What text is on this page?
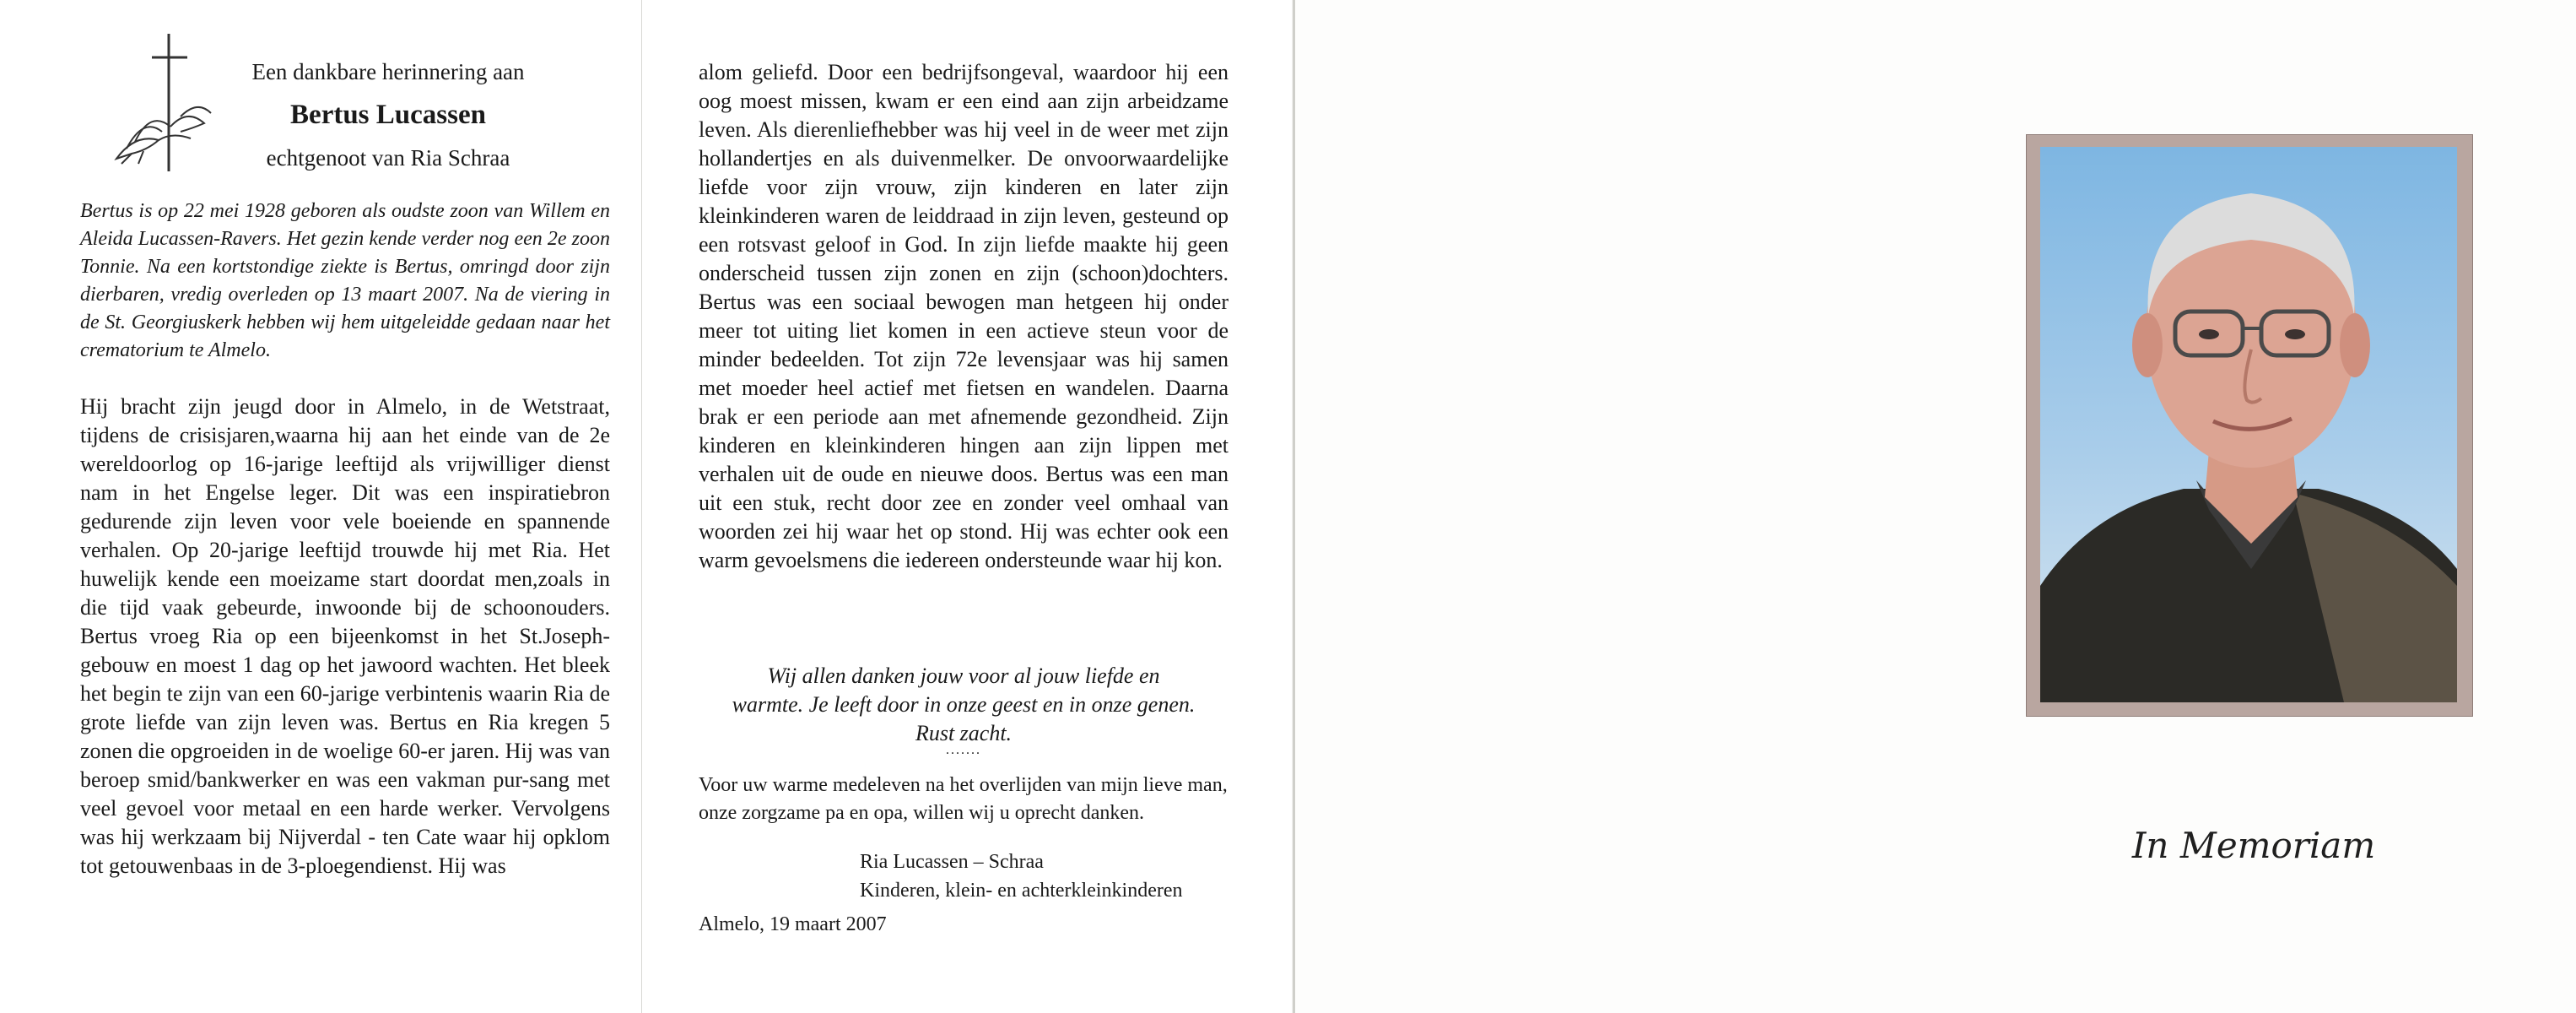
Een dankbare herinnering aan
Bertus Lucassen
echtgenoot van Ria Schraa
Bertus is op 22 mei 1928 geboren als oudste zoon van Willem en Aleida Lucassen-Ravers. Het gezin kende verder nog een 2e zoon Tonnie. Na een kortstondige ziekte is Bertus, omringd door zijn dierbaren, vredig overleden op 13 maart 2007. Na de viering in de St. Georgiuskerk hebben wij hem uitgeleidde gedaan naar het crematorium te Almelo.
Hij bracht zijn jeugd door in Almelo, in de Wetstraat, tijdens de crisisjaren,waarna hij aan het einde van de 2e wereldoorlog op 16-jarige leeftijd als vrijwilliger dienst nam in het Engelse leger. Dit was een inspiratiebron gedurende zijn leven voor vele boeiende en spannende verhalen. Op 20-jarige leeftijd trouwde hij met Ria. Het huwelijk kende een moeizame start doordat men,zoals in die tijd vaak gebeurde, inwoonde bij de schoonouders. Bertus vroeg Ria op een bijeenkomst in het St.Joseph-gebouw en moest 1 dag op het jawoord wachten. Het bleek het begin te zijn van een 60-jarige verbintenis waarin Ria de grote liefde van zijn leven was. Bertus en Ria kregen 5 zonen die opgroeiden in de woelige 60-er jaren. Hij was van beroep smid/bankwerker en was een vakman pur-sang met veel gevoel voor metaal en een harde werker. Vervolgens was hij werkzaam bij Nijverdal - ten Cate waar hij opklom tot getouwenbaas in de 3-ploegendienst. Hij was
alom geliefd. Door een bedrijfsongeval, waardoor hij een oog moest missen, kwam er een eind aan zijn arbeidzame leven. Als dierenliefhebber was hij veel in de weer met zijn hollandertjes en als duivenmelker. De onvoorwaardelijke liefde voor zijn vrouw, zijn kinderen en later zijn kleinkinderen waren de leiddraad in zijn leven, gesteund op een rotsvast geloof in God. In zijn liefde maakte hij geen onderscheid tussen zijn zonen en zijn (schoon)dochters. Bertus was een sociaal bewogen man hetgeen hij onder meer tot uiting liet komen in een actieve steun voor de minder bedeelden. Tot zijn 72e levensjaar was hij samen met moeder heel actief met fietsen en wandelen. Daarna brak er een periode aan met afnemende gezondheid. Zijn kinderen en kleinkinderen hingen aan zijn lippen met verhalen uit de oude en nieuwe doos. Bertus was een man uit een stuk, recht door zee en zonder veel omhaal van woorden zei hij waar het op stond. Hij was echter ook een warm gevoelsmens die iedereen ondersteunde waar hij kon.
Wij allen danken jouw voor al jouw liefde en
warmte. Je leeft door in onze geest en in onze genen.
Rust zacht.
.......
Voor uw warme medeleven na het overlijden van mijn lieve man, onze zorgzame pa en opa, willen wij u oprecht danken.
Ria Lucassen – Schraa
Kinderen, klein- en achterkleinkinderen
Almelo, 19 maart 2007
In Memoriam
